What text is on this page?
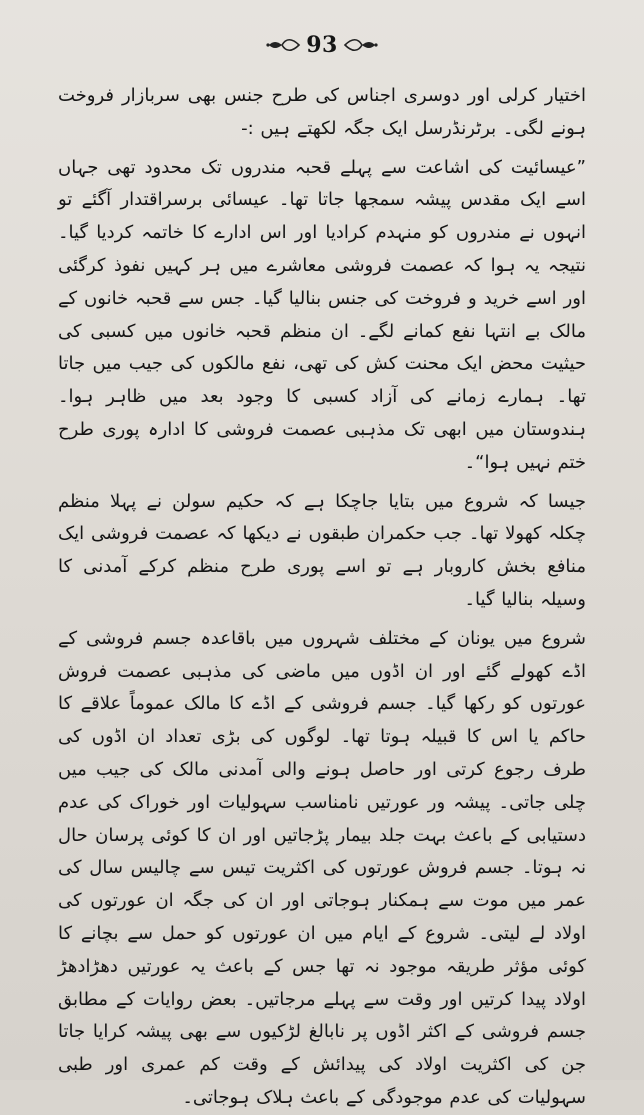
93

اختیار کرلی اور دوسری اجناس کی طرح جنس بھی سربازار فروخت ہونے لگی۔ برٹرنڈرسل ایک جگہ لکھتے ہیں :-

”عیسائیت کی اشاعت سے پہلے قحبہ مندروں تک محدود تھی جہاں اسے ایک مقدس پیشہ سمجھا جاتا تھا۔ عیسائی برسراقتدار آگئے تو انہوں نے مندروں کو منہدم کرادیا اور اس ادارے کا خاتمہ کردیا گیا۔ نتیجہ یہ ہوا کہ عصمت فروشی معاشرے میں ہر کہیں نفوذ کرگئی اور اسے خرید و فروخت کی جنس بنالیا گیا۔ جس سے قحبہ خانوں کے مالک بے انتہا نفع کمانے لگے۔ ان منظم قحبہ خانوں میں کسبی کی حیثیت محض ایک محنت کش کی تھی، نفع مالکوں کی جیب میں جاتا تھا۔ ہمارے زمانے کی آزاد کسبی کا وجود بعد میں ظاہر ہوا۔ ہندوستان میں ابھی تک مذہبی عصمت فروشی کا ادارہ پوری طرح ختم نہیں ہوا“۔

جیسا کہ شروع میں بتایا جاچکا ہے کہ حکیم سولن نے پہلا منظم چکلہ کھولا تھا۔ جب حکمران طبقوں نے دیکھا کہ عصمت فروشی ایک منافع بخش کاروبار ہے تو اسے پوری طرح منظم کرکے آمدنی کا وسیلہ بنالیا گیا۔

شروع میں یونان کے مختلف شہروں میں باقاعدہ جسم فروشی کے اڈے کھولے گئے اور ان اڈوں میں ماضی کی مذہبی عصمت فروش عورتوں کو رکھا گیا۔ جسم فروشی کے اڈے کا مالک عموماً علاقے کا حاکم یا اس کا قبیلہ ہوتا تھا۔ لوگوں کی بڑی تعداد ان اڈوں کی طرف رجوع کرتی اور حاصل ہونے والی آمدنی مالک کی جیب میں چلی جاتی۔ پیشہ ور عورتیں نامناسب سہولیات اور خوراک کی عدم دستیابی کے باعث بہت جلد بیمار پڑجاتیں اور ان کا کوئی پرسان حال نہ ہوتا۔ جسم فروش عورتوں کی اکثریت تیس سے چالیس سال کی عمر میں موت سے ہمکنار ہوجاتی اور ان کی جگہ ان عورتوں کی اولاد لے لیتی۔ شروع کے ایام میں ان عورتوں کو حمل سے بچانے کا کوئی مؤثر طریقہ موجود نہ تھا جس کے باعث یہ عورتیں دھڑادھڑ اولاد پیدا کرتیں اور وقت سے پہلے مرجاتیں۔ بعض روایات کے مطابق جسم فروشی کے اکثر اڈوں پر نابالغ لڑکیوں سے بھی پیشہ کرایا جاتا جن کی اکثریت اولاد کی پیدائش کے وقت کم عمری اور طبی سہولیات کی عدم موجودگی کے باعث ہلاک ہوجاتی۔
